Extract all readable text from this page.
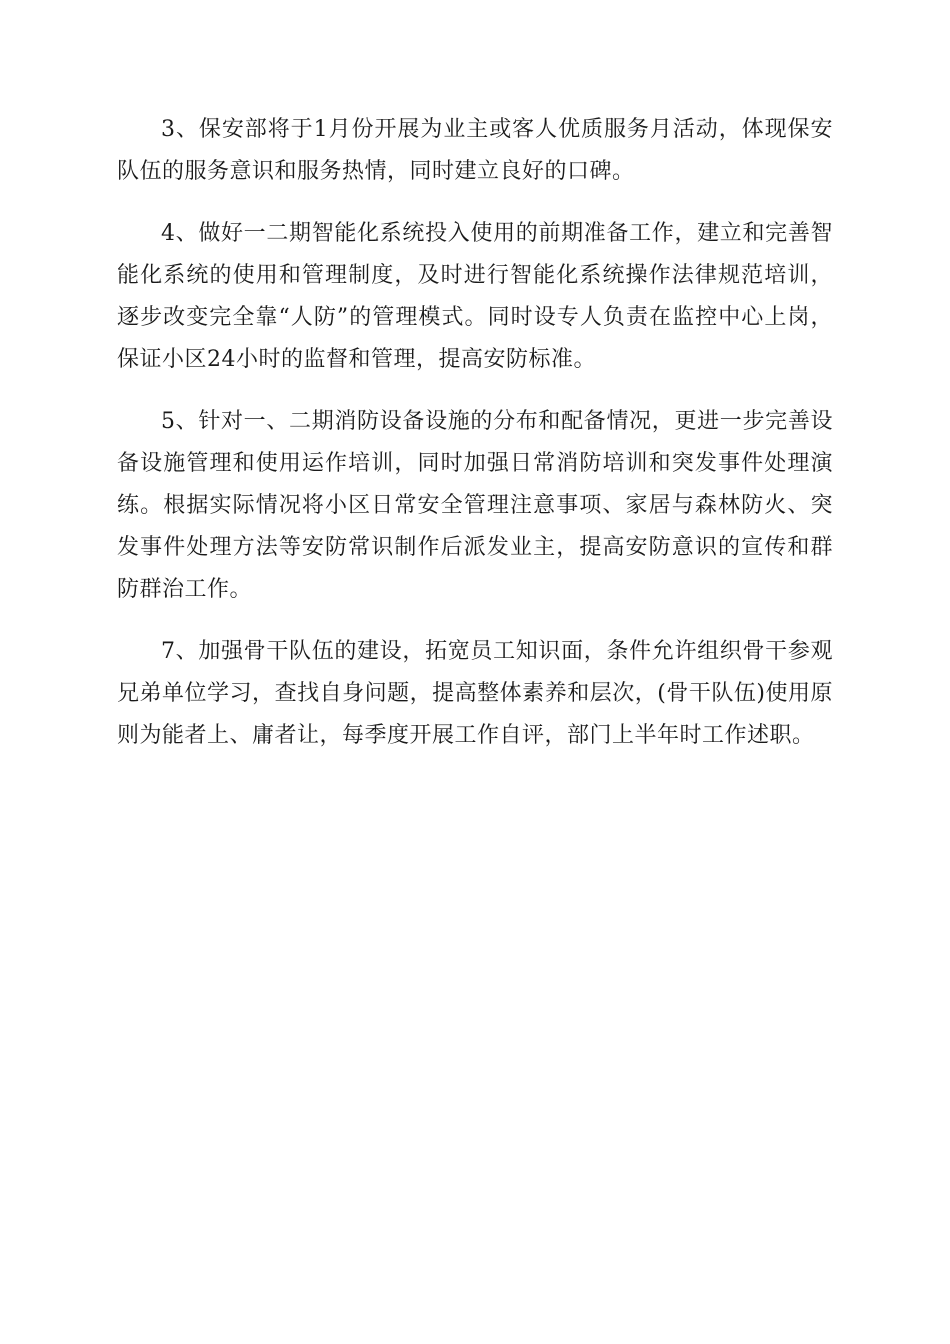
3、保安部将于1月份开展为业主或客人优质服务月活动，体现保安队伍的服务意识和服务热情，同时建立良好的口碑。

4、做好一二期智能化系统投入使用的前期准备工作，建立和完善智能化系统的使用和管理制度，及时进行智能化系统操作法律规范培训，逐步改变完全靠“人防”的管理模式。同时设专人负责在监控中心上岗，保证小区24小时的监督和管理，提高安防标准。

5、针对一、二期消防设备设施的分布和配备情况，更进一步完善设备设施管理和使用运作培训，同时加强日常消防培训和突发事件处理演练。根据实际情况将小区日常安全管理注意事项、家居与森林防火、突发事件处理方法等安防常识制作后派发业主，提高安防意识的宣传和群防群治工作。

7、加强骨干队伍的建设，拓宽员工知识面，条件允许组织骨干参观兄弟单位学习，查找自身问题，提高整体素养和层次，(骨干队伍)使用原则为能者上、庸者让，每季度开展工作自评，部门上半年时工作述职。
